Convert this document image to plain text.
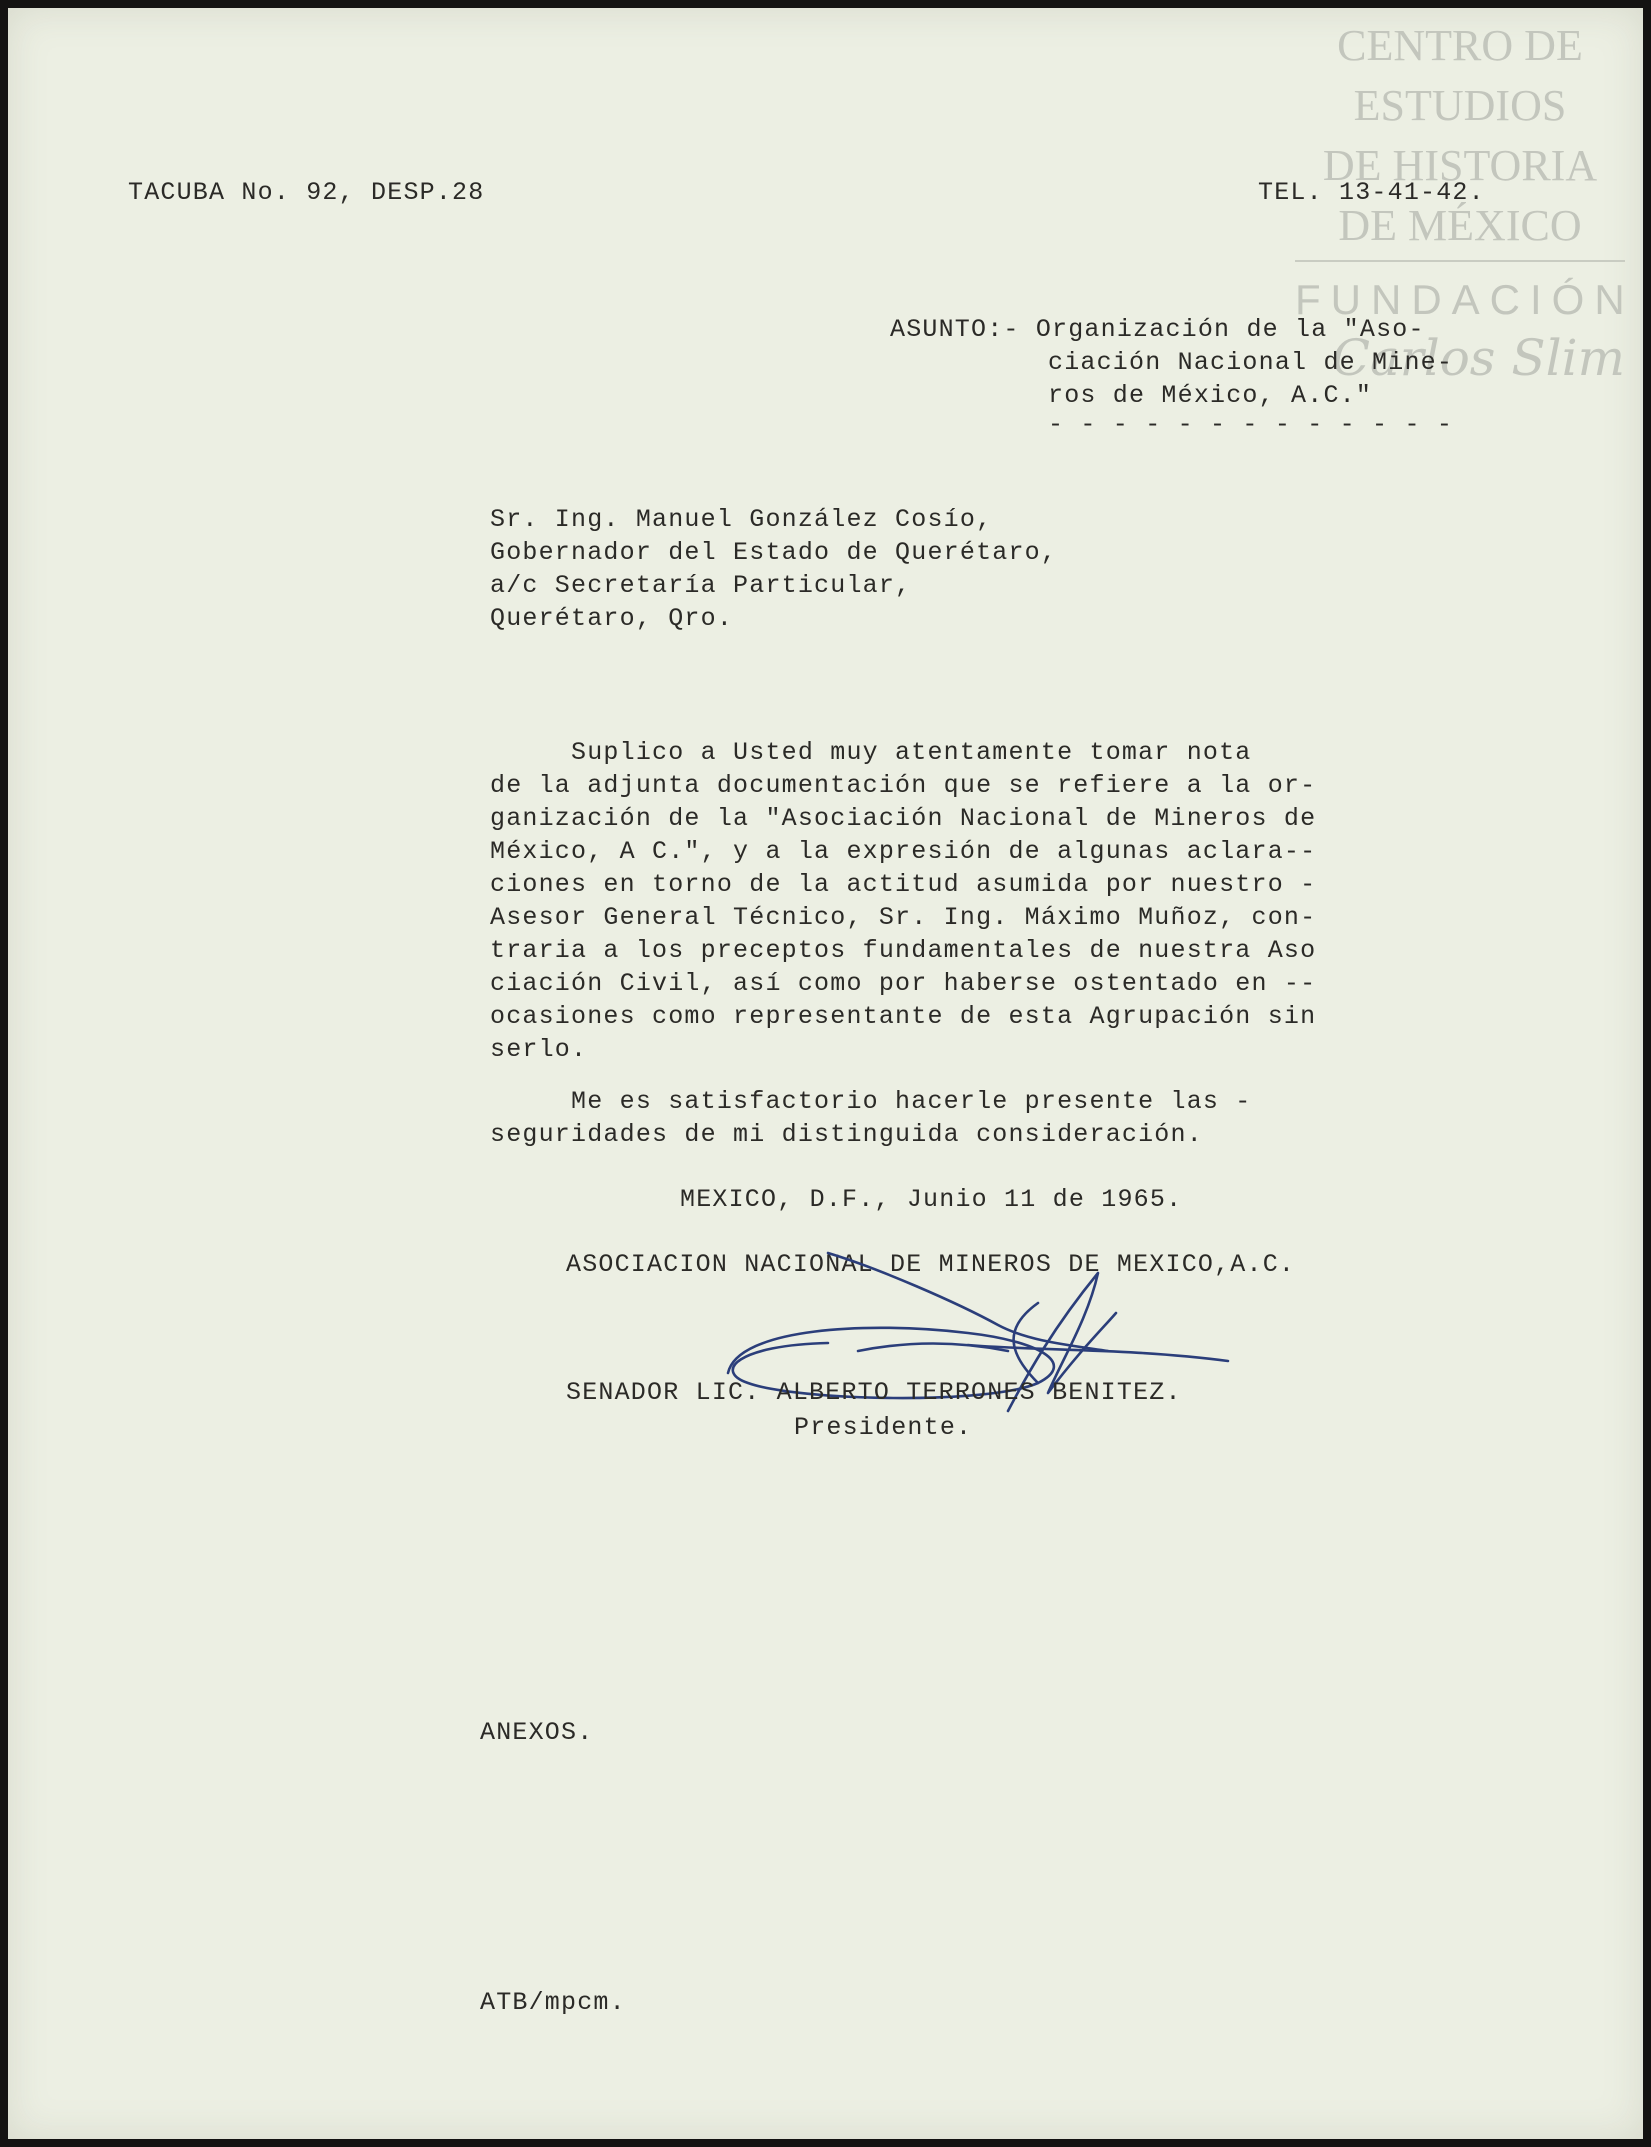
CENTRO DE
ESTUDIOS
DE HISTORIA
DE MÉXICO
FUNDACIÓN
Carlos Slim
TACUBA No. 92, DESP.28	TEL. 13-41-42.
ASUNTO:- Organización de la "Aso-
ciación Nacional de Mine-
ros de México, A.C."
- - - - - - - - - - - - -
Sr. Ing. Manuel González Cosío,
Gobernador del Estado de Querétaro,
a/c Secretaría Particular,
Querétaro, Qro.
Suplico a Usted muy atentamente tomar nota
de la adjunta documentación que se refiere a la or-
ganización de la "Asociación Nacional de Mineros de
México, A C.", y a la expresión de algunas aclara--
ciones en torno de la actitud asumida por nuestro -
Asesor General Técnico, Sr. Ing. Máximo Muñoz, con-
traria a los preceptos fundamentales de nuestra Aso
ciación Civil, así como por haberse ostentado en --
ocasiones como representante de esta Agrupación sin
serlo.
Me es satisfactorio hacerle presente las -
seguridades de mi distinguida consideración.
MEXICO, D.F., Junio 11 de 1965.
ASOCIACION NACIONAL DE MINEROS DE MEXICO,A.C.
SENADOR LIC. ALBERTO TERRONES BENITEZ.
Presidente.
ANEXOS.
ATB/mpcm.
